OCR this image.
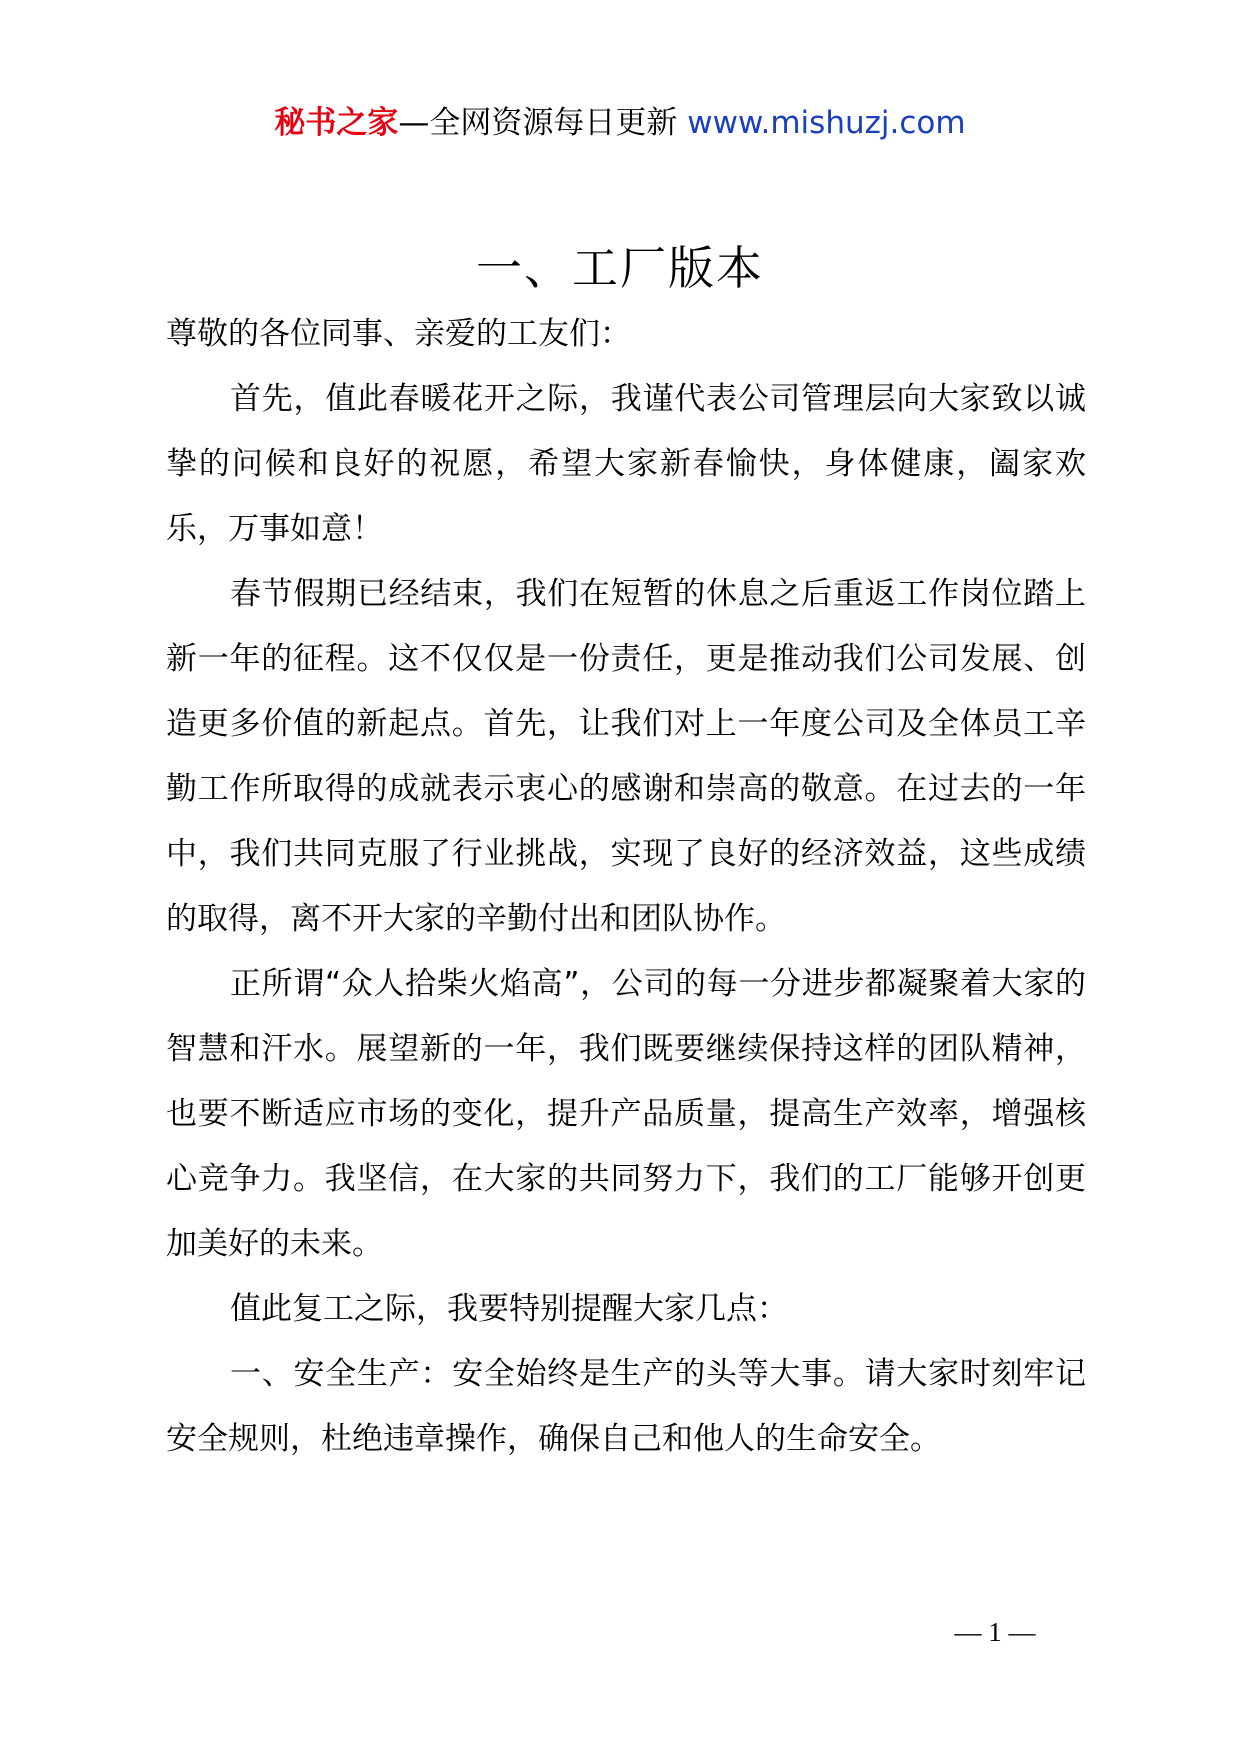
秘书之家—全网资源每日更新 www.mishuzj.com
一、工厂版本

尊敬的各位同事、亲爱的工友们：

首先，值此春暖花开之际，我谨代表公司管理层向大家致以诚挚的问候和良好的祝愿，希望大家新春愉快，身体健康，阖家欢乐，万事如意！

春节假期已经结束，我们在短暂的休息之后重返工作岗位踏上新一年的征程。这不仅仅是一份责任，更是推动我们公司发展、创造更多价值的新起点。首先，让我们对上一年度公司及全体员工辛勤工作所取得的成就表示衷心的感谢和崇高的敬意。在过去的一年中，我们共同克服了行业挑战，实现了良好的经济效益，这些成绩的取得，离不开大家的辛勤付出和团队协作。

正所谓“众人拾柴火焰高”，公司的每一分进步都凝聚着大家的智慧和汗水。展望新的一年，我们既要继续保持这样的团队精神，也要不断适应市场的变化，提升产品质量，提高生产效率，增强核心竞争力。我坚信，在大家的共同努力下，我们的工厂能够开创更加美好的未来。

值此复工之际，我要特别提醒大家几点：

一、安全生产：安全始终是生产的头等大事。请大家时刻牢记安全规则，杜绝违章操作，确保自己和他人的生命安全。

— 1 —
